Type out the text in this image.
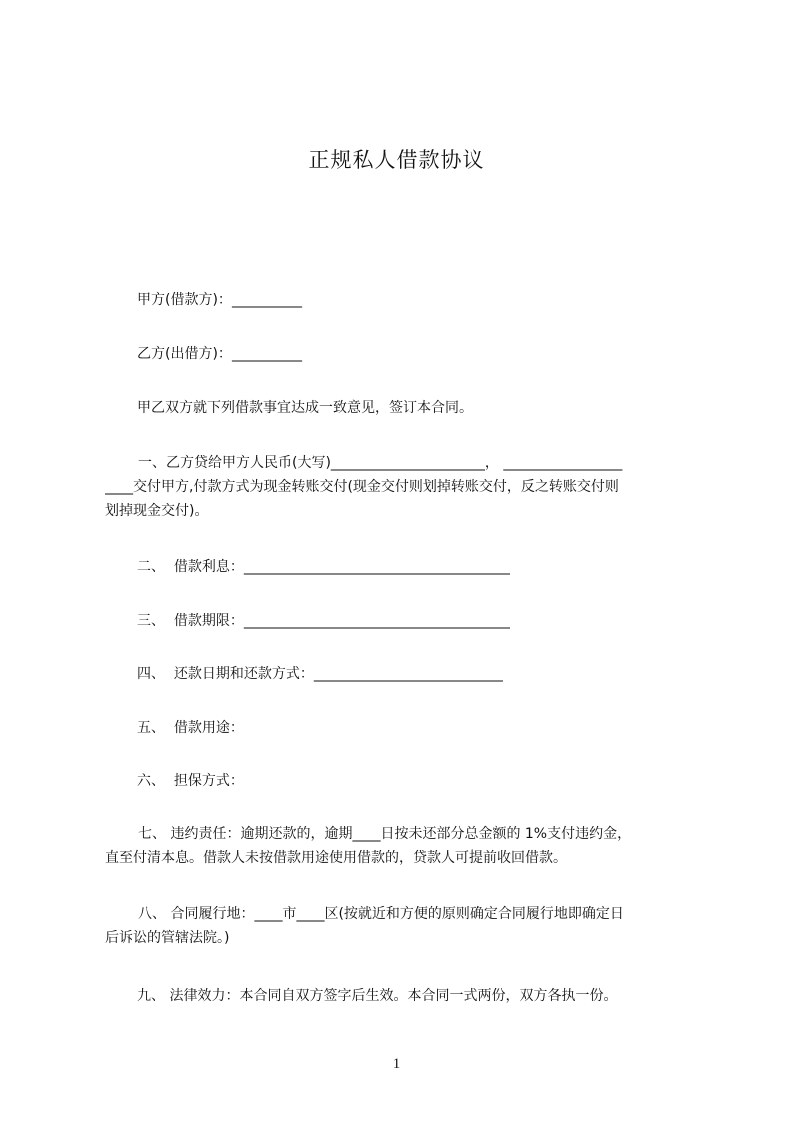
正规私人借款协议
甲方(借款方)：__________
乙方(出借方)：__________
甲乙双方就下列借款事宜达成一致意见，签订本合同。
一、乙方贷给甲方人民币(大写)______________________， _________________
____交付甲方,付款方式为现金转账交付(现金交付则划掉转账交付，反之转账交付则
划掉现金交付)。
二、 借款利息：______________________________________
三、 借款期限：______________________________________
四、 还款日期和还款方式：___________________________
五、 借款用途：
六、 担保方式：
七、 违约责任：逾期还款的，逾期____日按未还部分总金额的 1%支付违约金，
直至付清本息。借款人未按借款用途使用借款的，贷款人可提前收回借款。
八、 合同履行地：____市____区(按就近和方便的原则确定合同履行地即确定日
后诉讼的管辖法院。)
九、 法律效力：本合同自双方签字后生效。本合同一式两份，双方各执一份。
1
